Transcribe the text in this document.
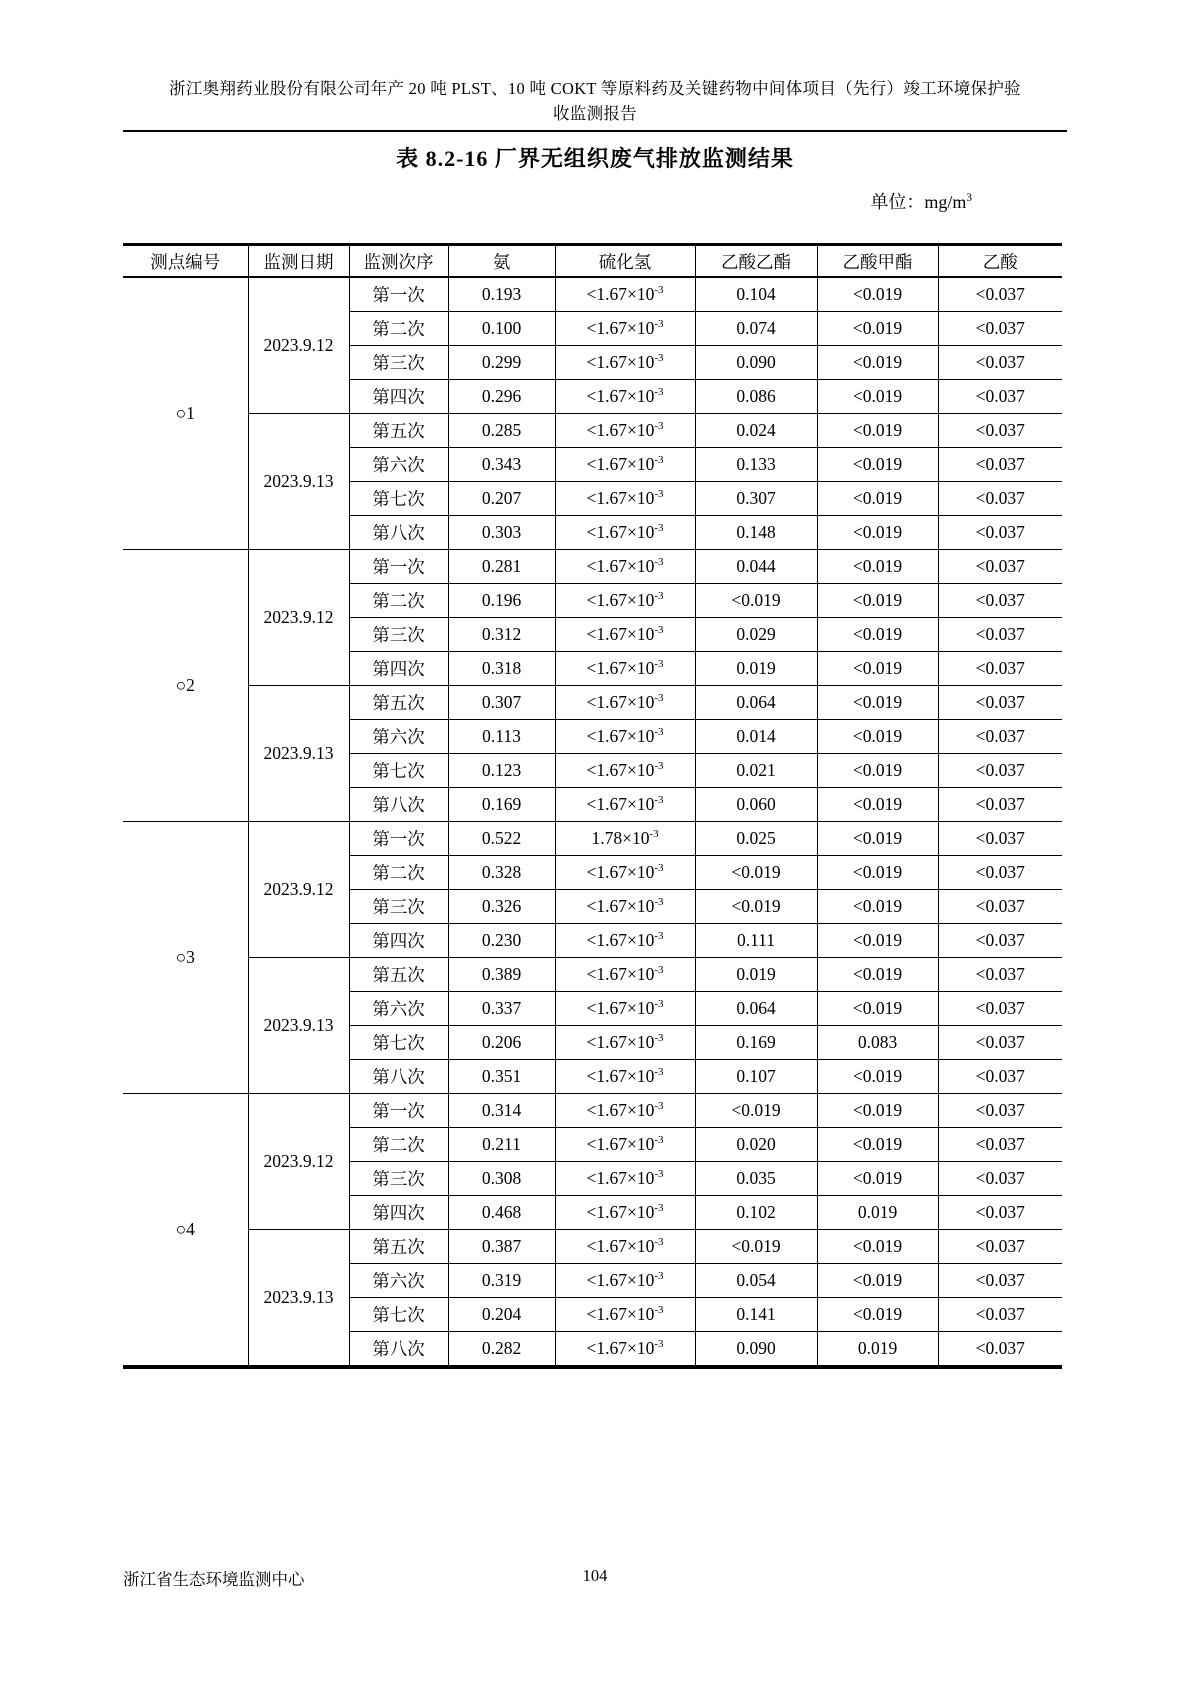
浙江奥翔药业股份有限公司年产 20 吨 PLST、10 吨 COKT 等原料药及关键药物中间体项目（先行）竣工环境保护验
收监测报告
表 8.2-16 厂界无组织废气排放监测结果
单位：$mg/m^3$
测点编号	监测日期	监测次序	氨	硫化氢	乙酸乙酯	乙酸甲酯	乙酸
○1	2023.9.12	第一次	0.193	$<1.67\times 10^{-3}$	0.104	<0.019	<0.037
		第二次	0.100	$<1.67\times 10^{-3}$	0.074	<0.019	<0.037
		第三次	0.299	$<1.67\times 10^{-3}$	0.090	<0.019	<0.037
		第四次	0.296	$<1.67\times 10^{-3}$	0.086	<0.019	<0.037
	2023.9.13	第五次	0.285	$<1.67\times 10^{-3}$	0.024	<0.019	<0.037
		第六次	0.343	$<1.67\times 10^{-3}$	0.133	<0.019	<0.037
		第七次	0.207	$<1.67\times 10^{-3}$	0.307	<0.019	<0.037
		第八次	0.303	$<1.67\times 10^{-3}$	0.148	<0.019	<0.037
○2	2023.9.12	第一次	0.281	$<1.67\times 10^{-3}$	0.044	<0.019	<0.037
		第二次	0.196	$<1.67\times 10^{-3}$	<0.019	<0.019	<0.037
		第三次	0.312	$<1.67\times 10^{-3}$	0.029	<0.019	<0.037
		第四次	0.318	$<1.67\times 10^{-3}$	0.019	<0.019	<0.037
	2023.9.13	第五次	0.307	$<1.67\times 10^{-3}$	0.064	<0.019	<0.037
		第六次	0.113	$<1.67\times 10^{-3}$	0.014	<0.019	<0.037
		第七次	0.123	$<1.67\times 10^{-3}$	0.021	<0.019	<0.037
		第八次	0.169	$<1.67\times 10^{-3}$	0.060	<0.019	<0.037
○3	2023.9.12	第一次	0.522	$1.78\times 10^{-3}$	0.025	<0.019	<0.037
		第二次	0.328	$<1.67\times 10^{-3}$	<0.019	<0.019	<0.037
		第三次	0.326	$<1.67\times 10^{-3}$	<0.019	<0.019	<0.037
		第四次	0.230	$<1.67\times 10^{-3}$	0.111	<0.019	<0.037
	2023.9.13	第五次	0.389	$<1.67\times 10^{-3}$	0.019	<0.019	<0.037
		第六次	0.337	$<1.67\times 10^{-3}$	0.064	<0.019	<0.037
		第七次	0.206	$<1.67\times 10^{-3}$	0.169	0.083	<0.037
		第八次	0.351	$<1.67\times 10^{-3}$	0.107	<0.019	<0.037
○4	2023.9.12	第一次	0.314	$<1.67\times 10^{-3}$	<0.019	<0.019	<0.037
		第二次	0.211	$<1.67\times 10^{-3}$	0.020	<0.019	<0.037
		第三次	0.308	$<1.67\times 10^{-3}$	0.035	<0.019	<0.037
		第四次	0.468	$<1.67\times 10^{-3}$	0.102	0.019	<0.037
	2023.9.13	第五次	0.387	$<1.67\times 10^{-3}$	<0.019	<0.019	<0.037
		第六次	0.319	$<1.67\times 10^{-3}$	0.054	<0.019	<0.037
		第七次	0.204	$<1.67\times 10^{-3}$	0.141	<0.019	<0.037
		第八次	0.282	$<1.67\times 10^{-3}$	0.090	0.019	<0.037
浙江省生态环境监测中心	104
